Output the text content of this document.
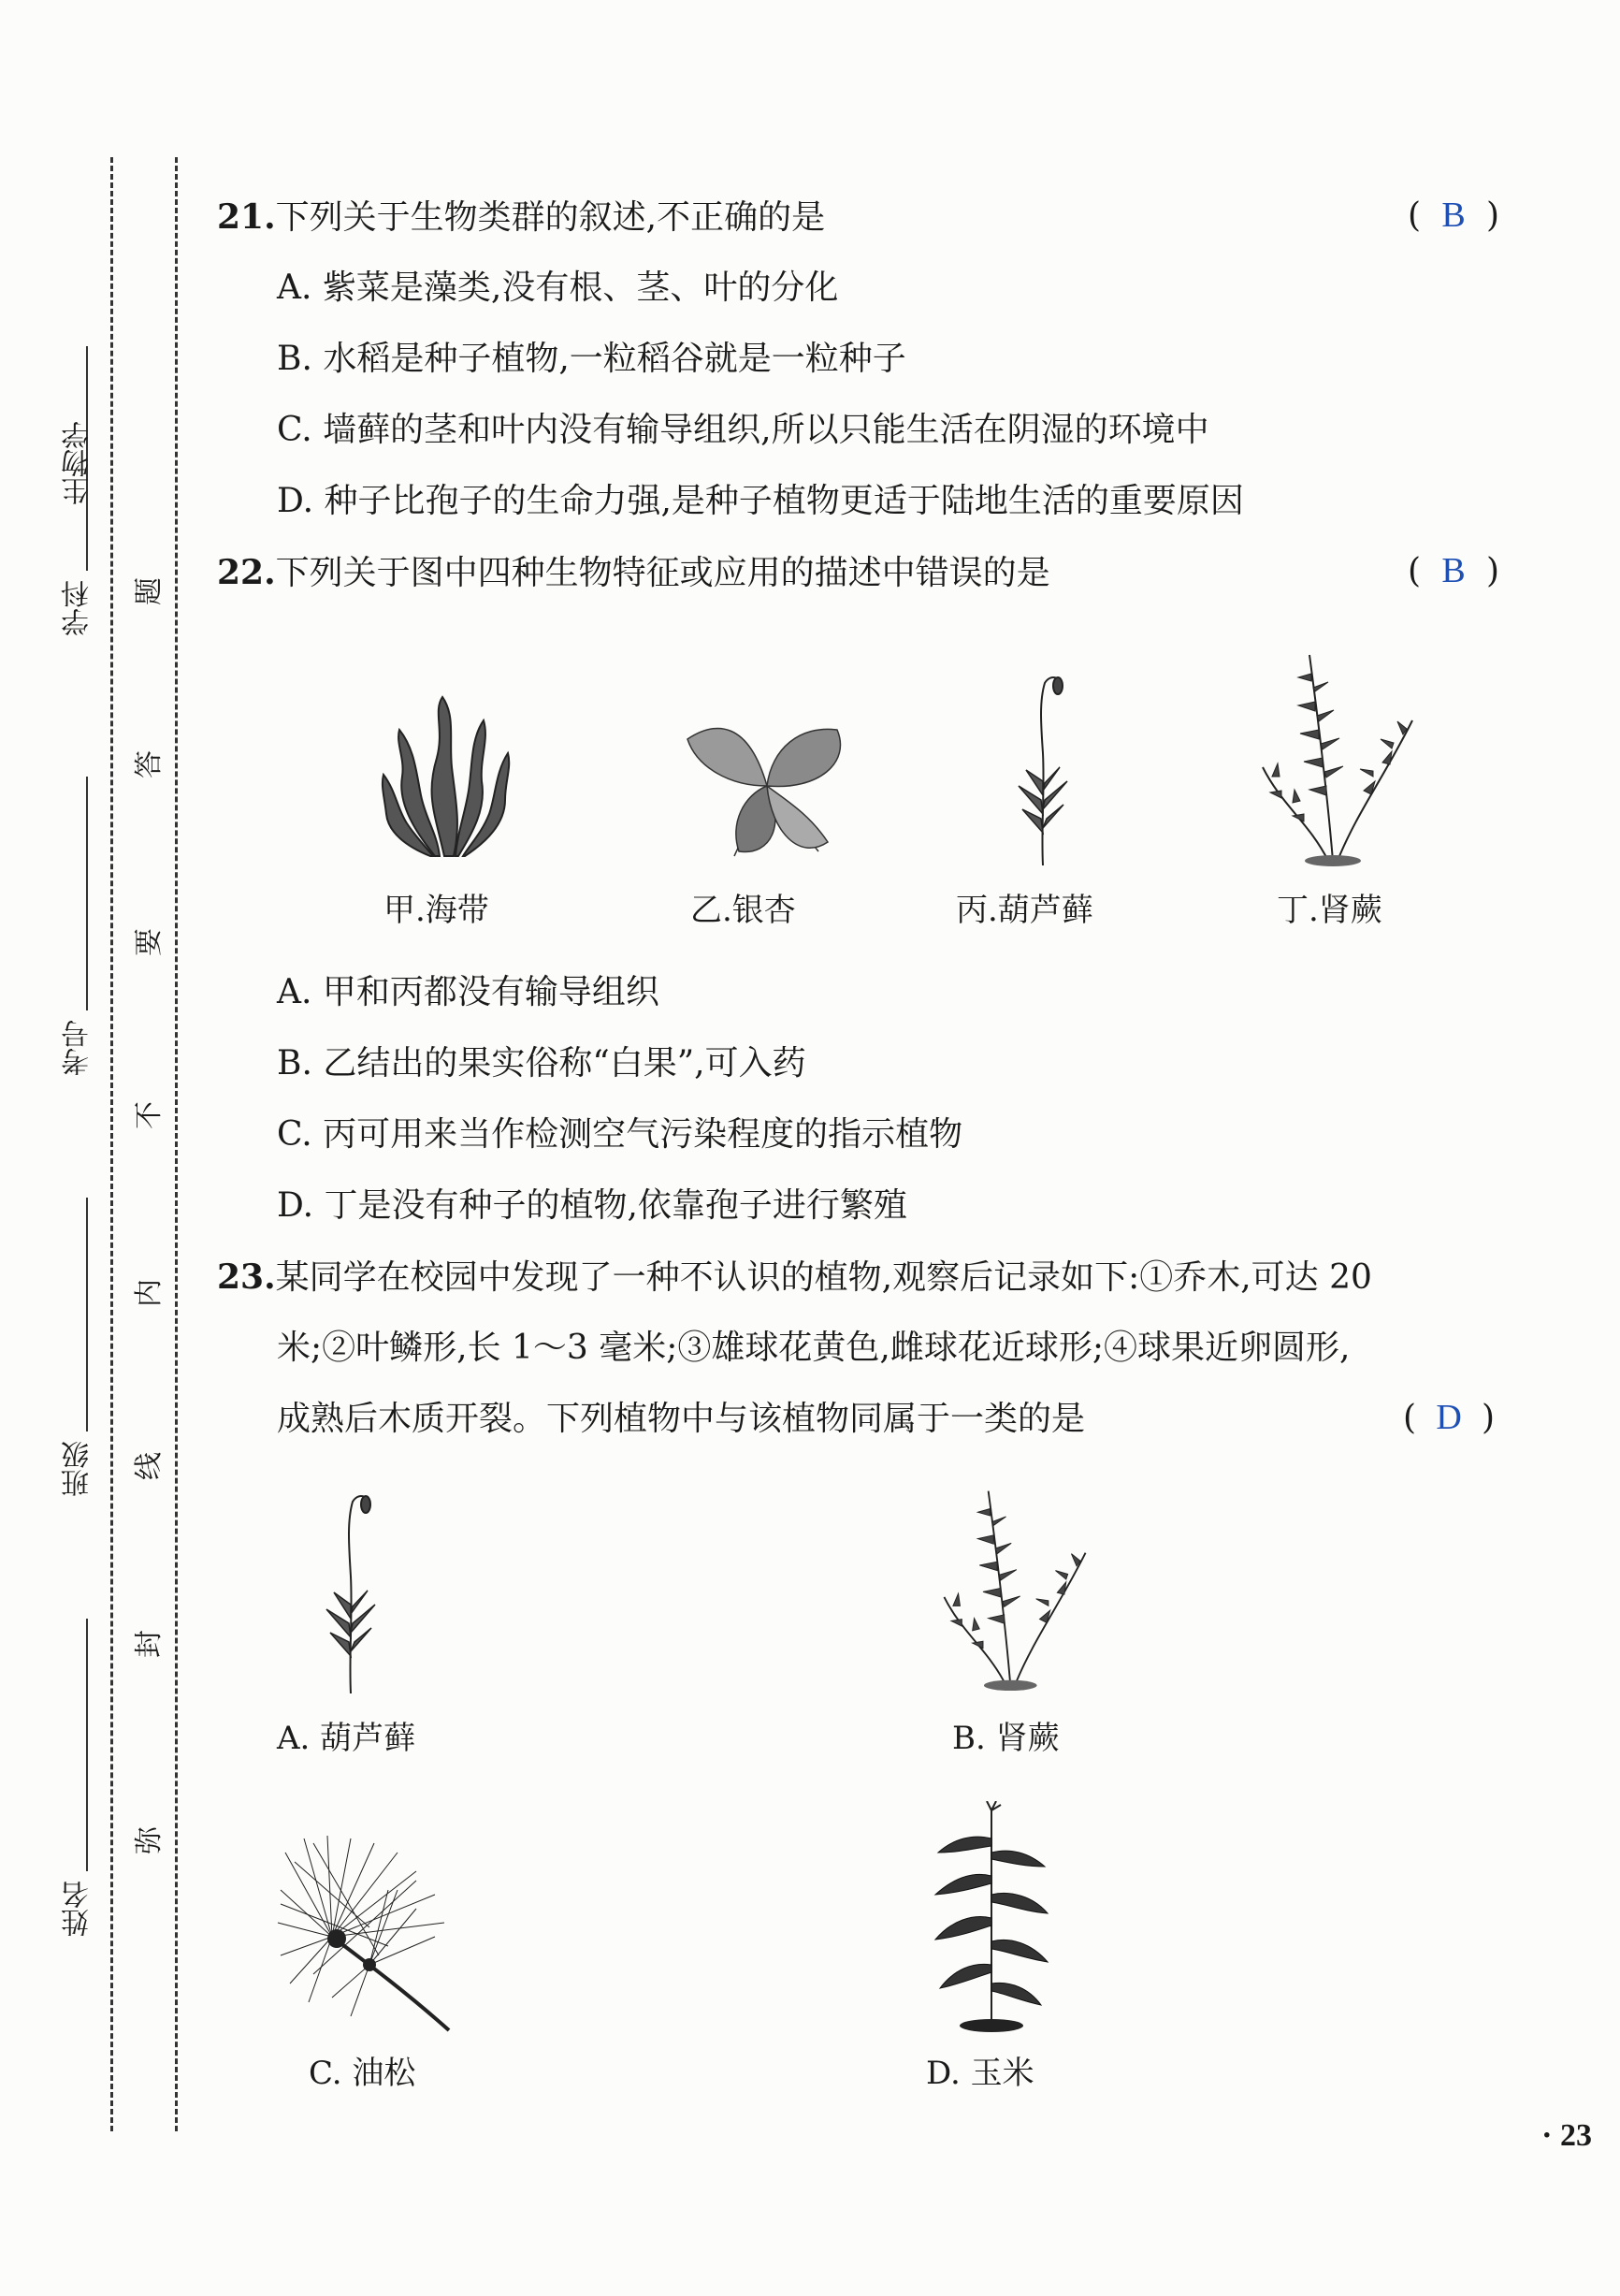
学科
生物学
考号
班级
姓名
题
答
要
不
内
线
封
弥
21.下列关于生物类群的叙述,不正确的是	( B )
A. 紫菜是藻类,没有根、茎、叶的分化
B. 水稻是种子植物,一粒稻谷就是一粒种子
C. 墙藓的茎和叶内没有输导组织,所以只能生活在阴湿的环境中
D. 种子比孢子的生命力强,是种子植物更适于陆地生活的重要原因
22.下列关于图中四种生物特征或应用的描述中错误的是	( B )
甲.海带	乙.银杏	丙.葫芦藓	丁.肾蕨
A. 甲和丙都没有输导组织
B. 乙结出的果实俗称“白果”,可入药
C. 丙可用来当作检测空气污染程度的指示植物
D. 丁是没有种子的植物,依靠孢子进行繁殖
23.某同学在校园中发现了一种不认识的植物,观察后记录如下:①乔木,可达 20
米;②叶鳞形,长 1～3 毫米;③雄球花黄色,雌球花近球形;④球果近卵圆形,
成熟后木质开裂。下列植物中与该植物同属于一类的是	( D )
A. 葫芦藓	B. 肾蕨
C. 油松	D. 玉米
· 23
